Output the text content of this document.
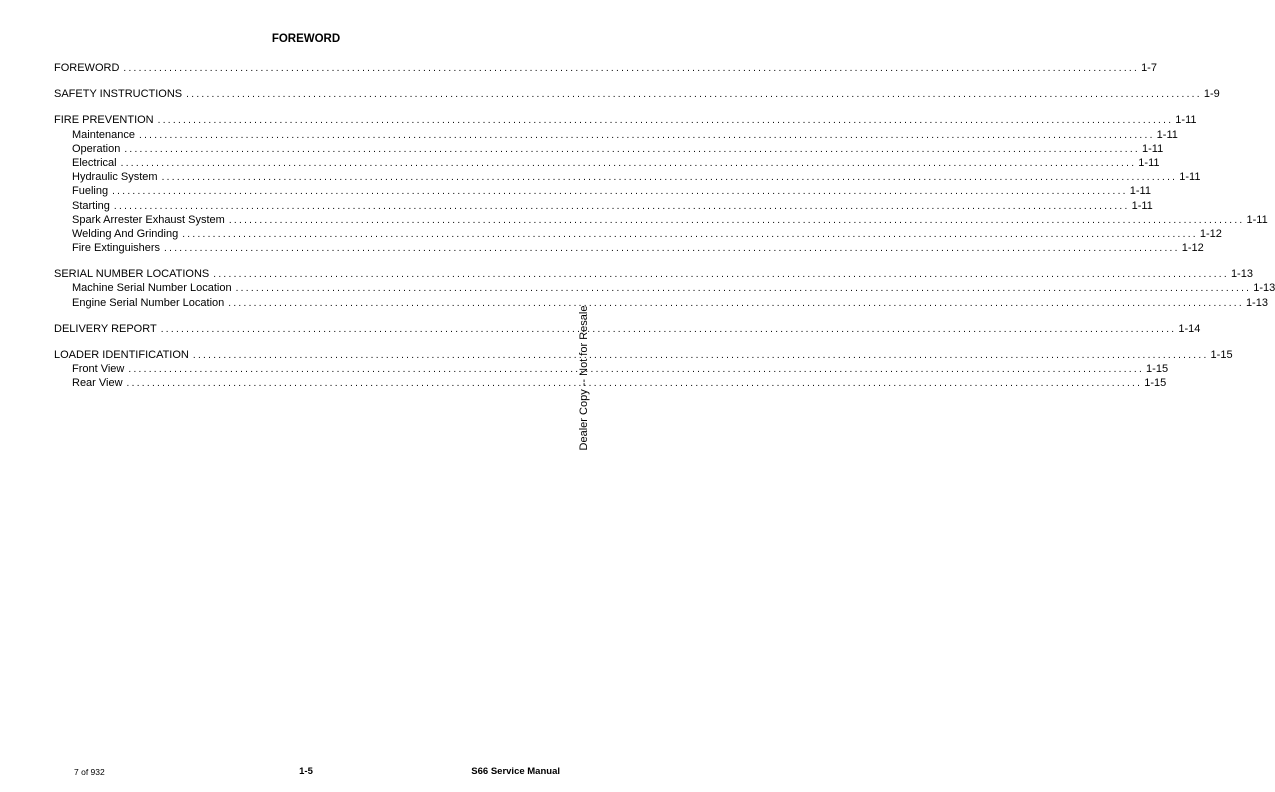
FOREWORD
FOREWORD ........................................................................................................................................................................................................ 1-7
SAFETY INSTRUCTIONS ........................................................................................................................................................................................................ 1-9
FIRE PREVENTION ........................................................................................................................................................................................................ 1-11
Maintenance ........................................................................................................................................................................................................ 1-11
Operation ........................................................................................................................................................................................................ 1-11
Electrical ........................................................................................................................................................................................................ 1-11
Hydraulic System ........................................................................................................................................................................................................ 1-11
Fueling ........................................................................................................................................................................................................ 1-11
Starting ........................................................................................................................................................................................................ 1-11
Spark Arrester Exhaust System ........................................................................................................................................................................................................ 1-11
Welding And Grinding ........................................................................................................................................................................................................ 1-12
Fire Extinguishers ........................................................................................................................................................................................................ 1-12
SERIAL NUMBER LOCATIONS ........................................................................................................................................................................................................ 1-13
Machine Serial Number Location ........................................................................................................................................................................................................ 1-13
Engine Serial Number Location ........................................................................................................................................................................................................ 1-13
DELIVERY REPORT ........................................................................................................................................................................................................ 1-14
LOADER IDENTIFICATION ........................................................................................................................................................................................................ 1-15
Front View ........................................................................................................................................................................................................ 1-15
Rear View ........................................................................................................................................................................................................ 1-15
Dealer Copy -- Not for Resale
7 of 932	1-5	S66 Service Manual
